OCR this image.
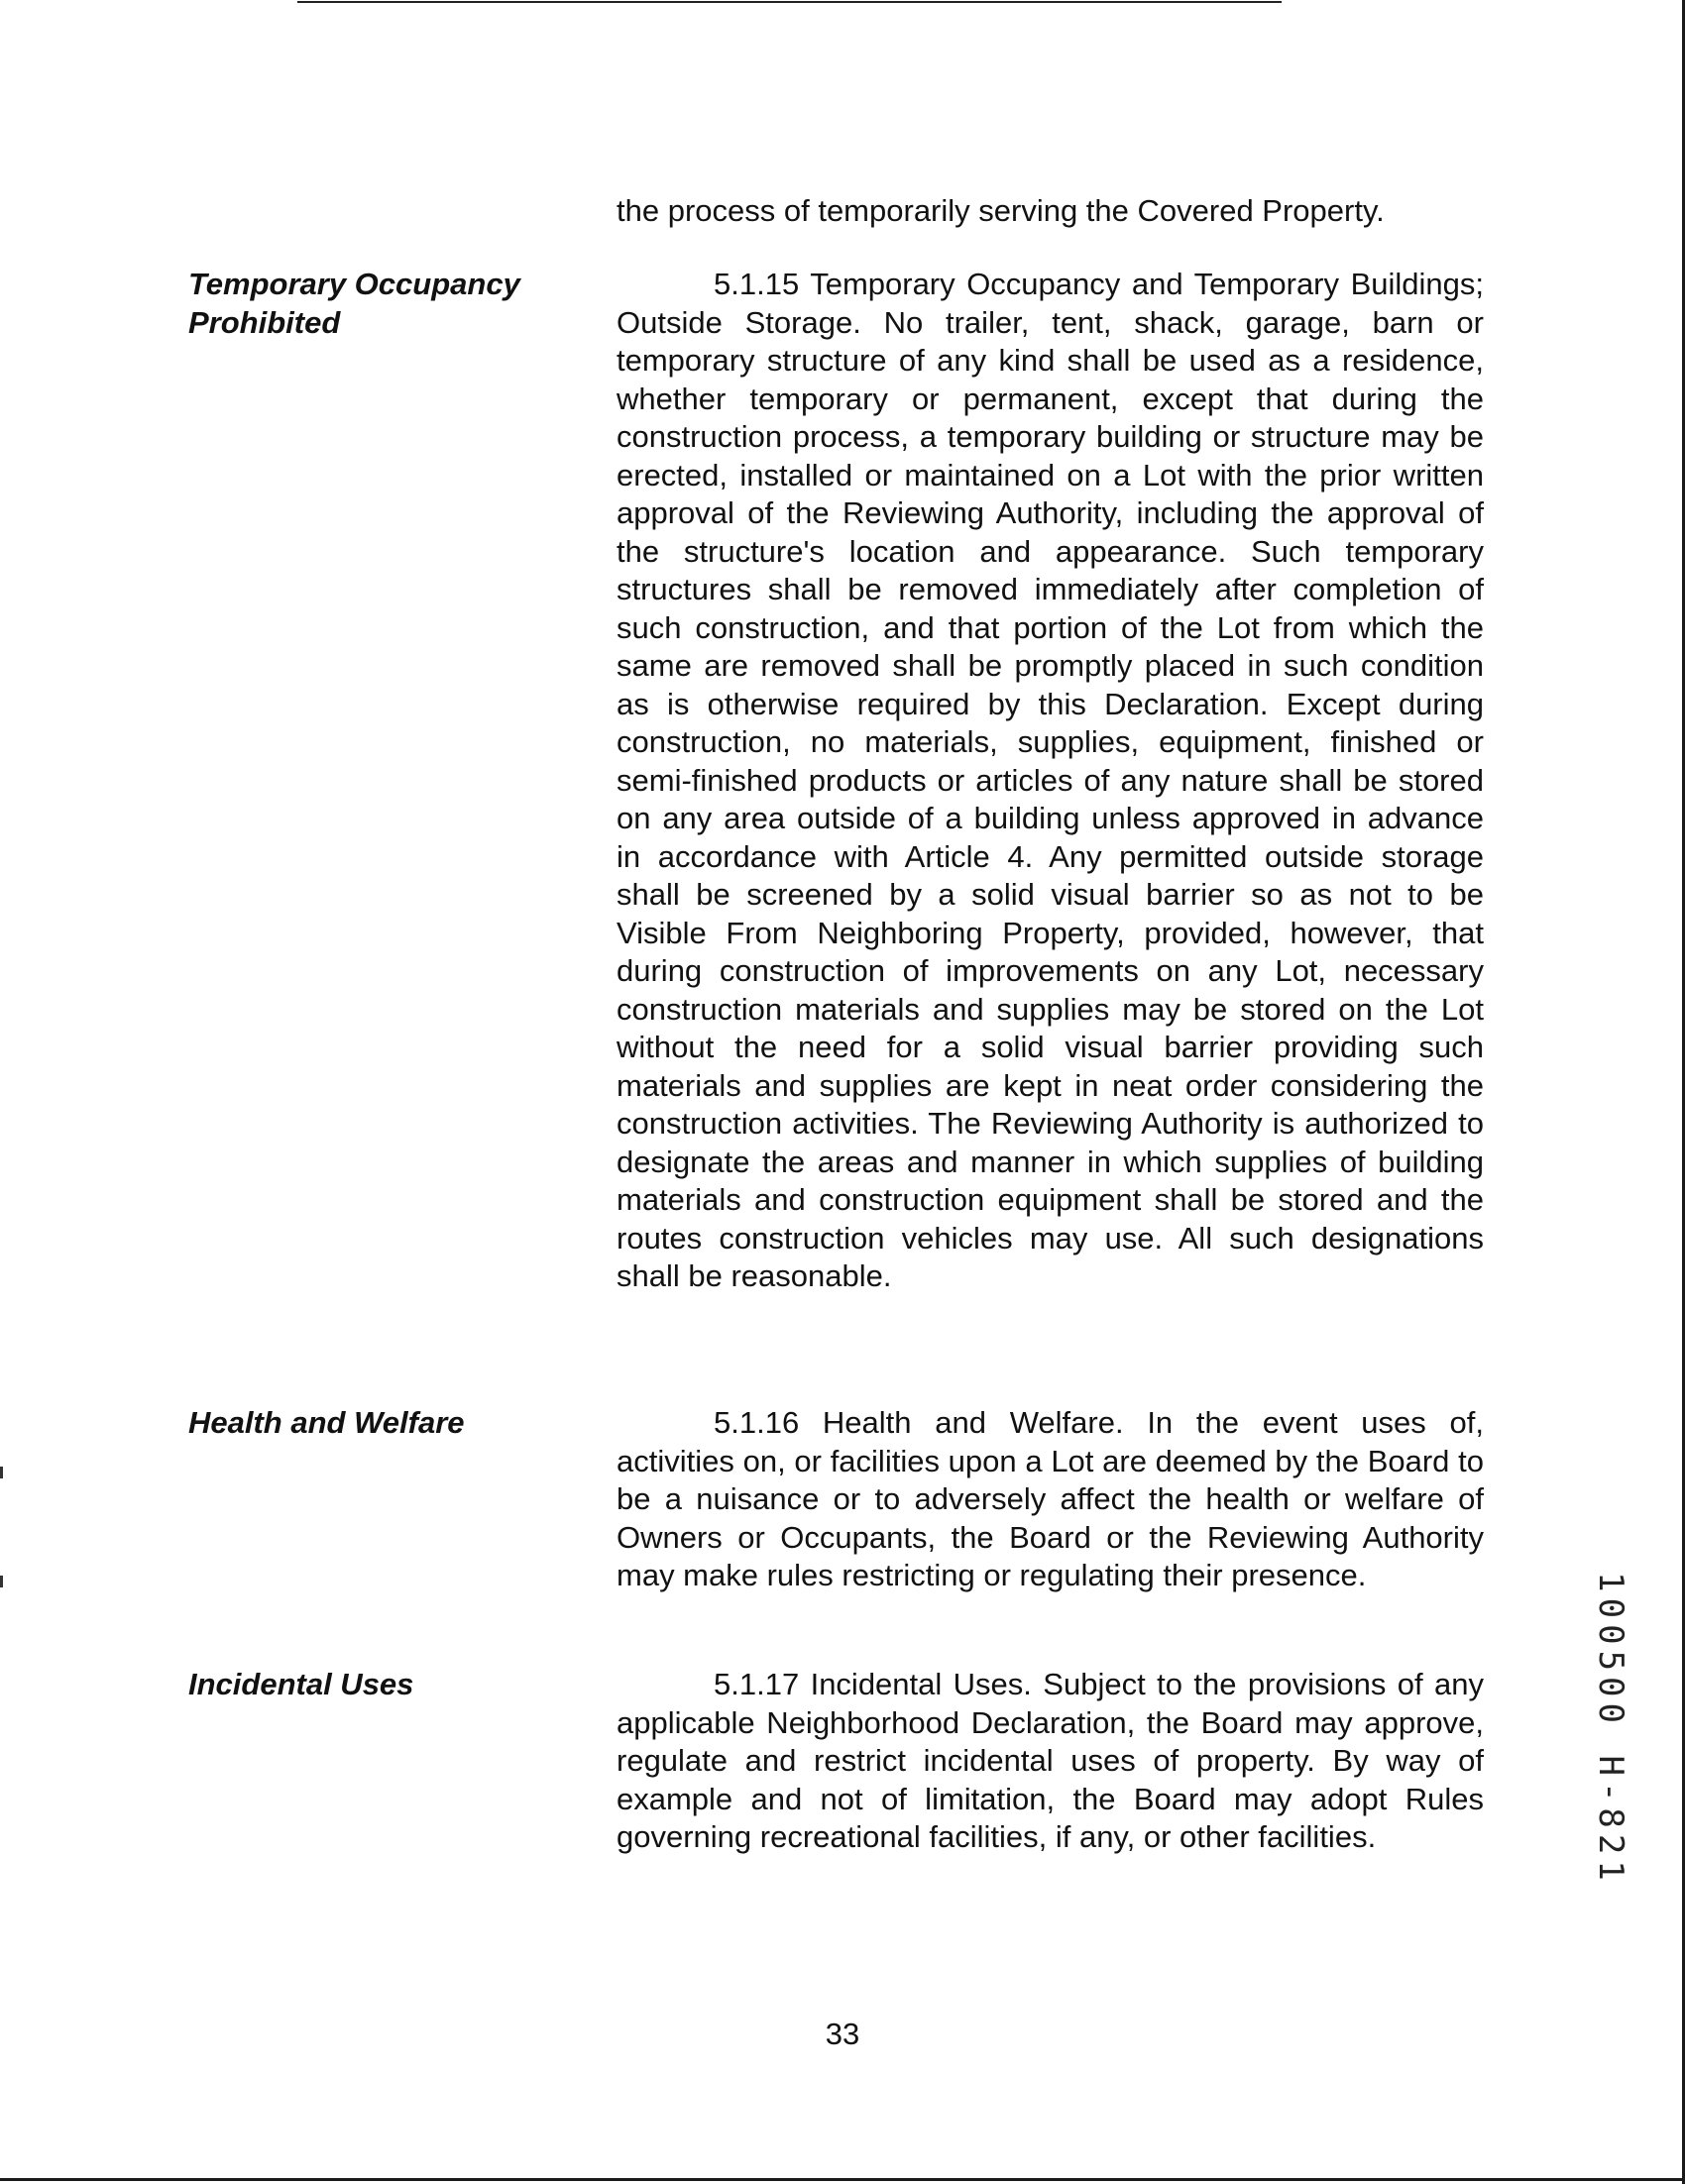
the process of temporarily serving the Covered Property.
Temporary Occupancy
Prohibited
5.1.15 Temporary Occupancy and Temporary Buildings; Outside Storage. No trailer, tent, shack, garage, barn or temporary structure of any kind shall be used as a residence, whether temporary or permanent, except that during the construction process, a temporary building or structure may be erected, installed or maintained on a Lot with the prior written approval of the Reviewing Authority, including the approval of the structure's location and appearance. Such temporary structures shall be removed immediately after completion of such construction, and that portion of the Lot from which the same are removed shall be promptly placed in such condition as is otherwise required by this Declaration. Except during construction, no materials, supplies, equipment, finished or semi-finished products or articles of any nature shall be stored on any area outside of a building unless approved in advance in accordance with Article 4. Any permitted outside storage shall be screened by a solid visual barrier so as not to be Visible From Neighboring Property, provided, however, that during construction of improvements on any Lot, necessary construction materials and supplies may be stored on the Lot without the need for a solid visual barrier providing such materials and supplies are kept in neat order considering the construction activities. The Reviewing Authority is authorized to designate the areas and manner in which supplies of building materials and construction equipment shall be stored and the routes construction vehicles may use. All such designations shall be reasonable.
Health and Welfare	5.1.16 Health and Welfare. In the event uses of, activities on, or facilities upon a Lot are deemed by the Board to be a nuisance or to adversely affect the health or welfare of Owners or Occupants, the Board or the Reviewing Authority may make rules restricting or regulating their presence.
Incidental Uses	5.1.17 Incidental Uses. Subject to the provisions of any applicable Neighborhood Declaration, the Board may approve, regulate and restrict incidental uses of property. By way of example and not of limitation, the Board may adopt Rules governing recreational facilities, if any, or other facilities.
33
100500 H-821
